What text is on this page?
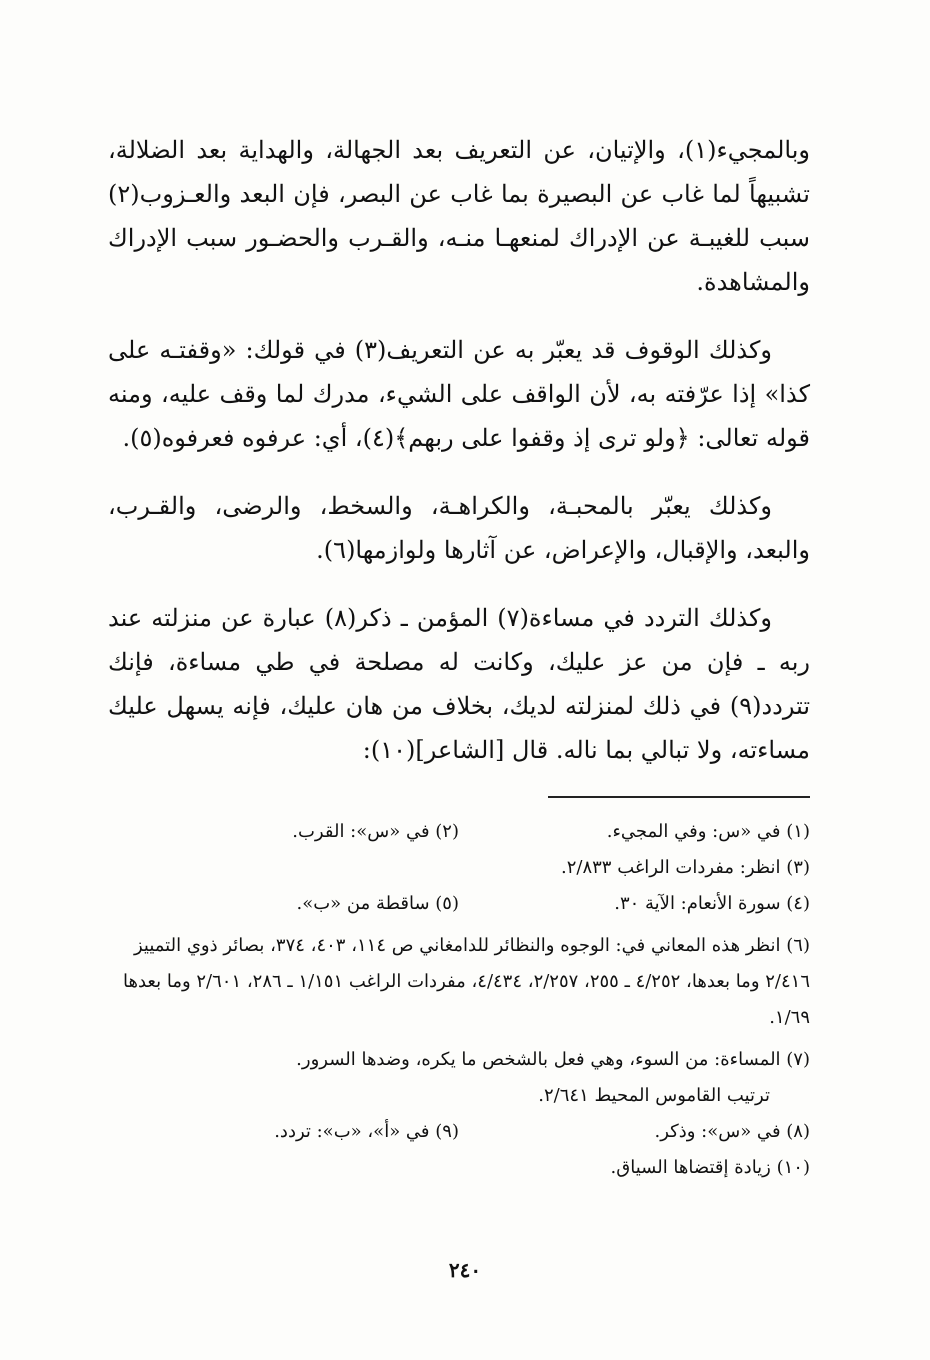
وبالمجيء(١)، والإتيان، عن التعريف بعد الجهالة، والهداية بعد الضلالة، تشبيهاً لما غاب عن البصيرة بما غاب عن البصر، فإن البعد والعـزوب(٢) سبب للغيبـة عن الإدراك لمنعهـا منـه، والقـرب والحضـور سبب الإدراك والمشاهدة.

وكذلك الوقوف قد يعبّر به عن التعريف(٣) في قولك: «وقفتـه على كذا» إذا عرّفته به، لأن الواقف على الشيء، مدرك لما وقف عليه، ومنه قوله تعالى: ﴿ولو ترى إذ وقفوا على ربهم﴾(٤)، أي: عرفوه فعرفوه(٥).

وكذلك يعبّر بالمحبـة، والكراهـة، والسخط، والرضى، والقـرب، والبعد، والإقبال، والإعراض، عن آثارها ولوازمها(٦).

وكذلك التردد في مساءة(٧) المؤمن ـ ذكر(٨) عبارة عن منزلته عند ربه ـ فإن من عز عليك، وكانت له مصلحة في طي مساءة، فإنك تتردد(٩) في ذلك لمنزلته لديك، بخلاف من هان عليك، فإنه يسهل عليك مساءته، ولا تبالي بما ناله. قال [الشاعر](١٠):

(١) في «س: وفي المجيء.
(٢) في «س»: القرب.
(٣) انظر: مفردات الراغب ٢/٨٣٣.
(٤) سورة الأنعام: الآية ٣٠.
(٥) ساقطة من «ب».
(٦) انظر هذه المعاني في: الوجوه والنظائر للدامغاني ص ١١٤، ٤٠٣، ٣٧٤، بصائر ذوي التمييز ٢/٤١٦ وما بعدها، ٤/٢٥٢ ـ ٢٥٥، ٢/٢٥٧، ٤/٤٣٤، مفردات الراغب ١/١٥١ ـ ٢٨٦، ٢/٦٠١ وما بعدها ١/٦٩.
(٧) المساءة: من السوء، وهي فعل بالشخص ما يكره، وضدها السرور.
ترتيب القاموس المحيط ٢/٦٤١.
(٨) في «س»: وذكر.
(٩) في «أ»، «ب»: تردد.
(١٠) زيادة إقتضاها السياق.
٢٤٠
